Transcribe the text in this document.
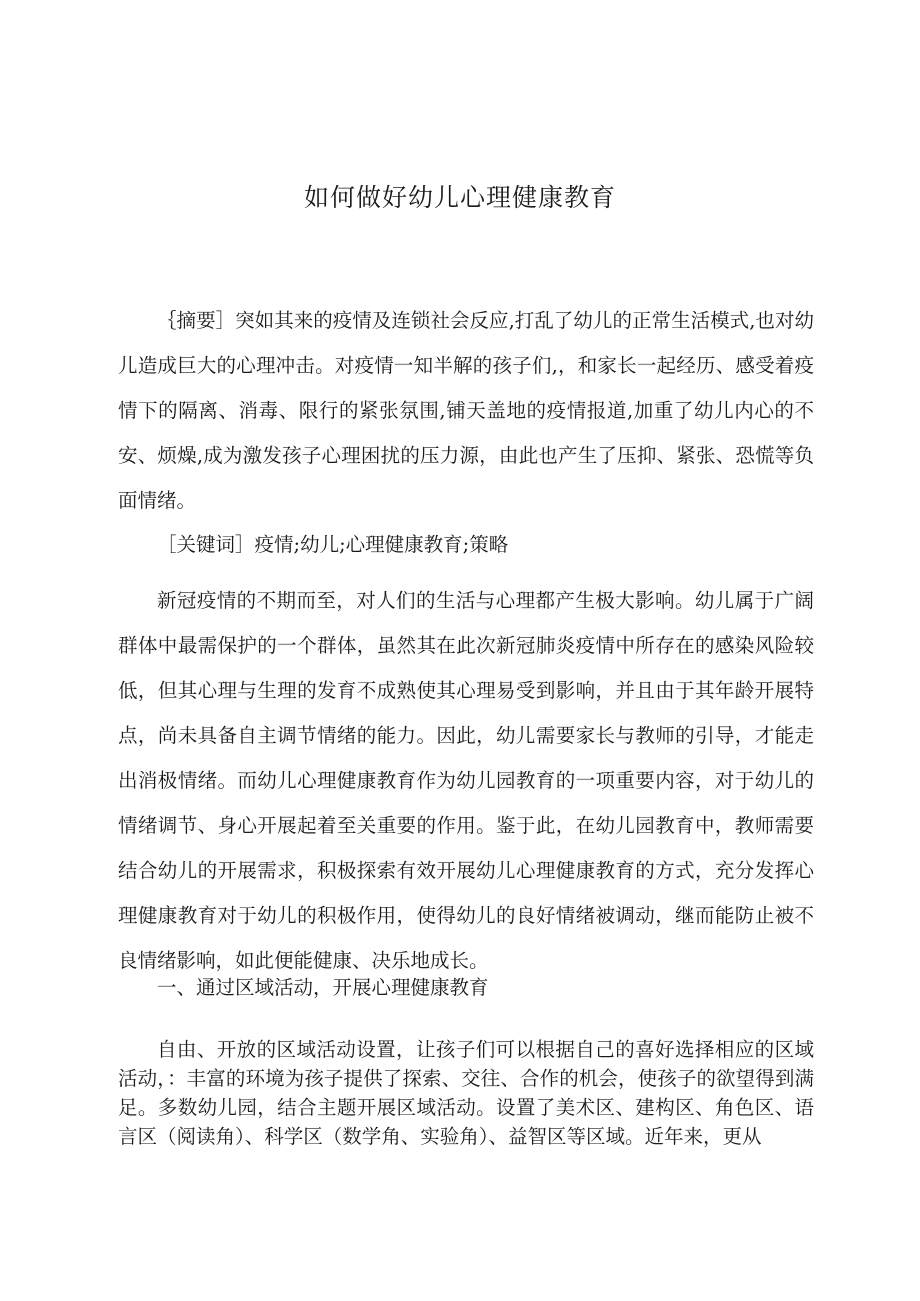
如何做好幼儿心理健康教育

｛摘要］突如其来的疫情及连锁社会反应,打乱了幼儿的正常生活模式,也对幼儿造成巨大的心理冲击。对疫情一知半解的孩子们,，和家长一起经历、感受着疫情下的隔离、消毒、限行的紧张氛围,铺天盖地的疫情报道,加重了幼儿内心的不安、烦燥,成为激发孩子心理困扰的压力源，由此也产生了压抑、紧张、恐慌等负面情绪。

［关键词］疫情;幼儿;心理健康教育;策略

新冠疫情的不期而至，对人们的生活与心理都产生极大影响。幼儿属于广阔群体中最需保护的一个群体，虽然其在此次新冠肺炎疫情中所存在的感染风险较低，但其心理与生理的发育不成熟使其心理易受到影响，并且由于其年龄开展特点，尚未具备自主调节情绪的能力。因此，幼儿需要家长与教师的引导，才能走出消极情绪。而幼儿心理健康教育作为幼儿园教育的一项重要内容，对于幼儿的情绪调节、身心开展起着至关重要的作用。鉴于此，在幼儿园教育中，教师需要结合幼儿的开展需求，积极探索有效开展幼儿心理健康教育的方式，充分发挥心理健康教育对于幼儿的积极作用，使得幼儿的良好情绪被调动，继而能防止被不良情绪影响，如此便能健康、决乐地成长。

一、通过区域活动，开展心理健康教育

自由、开放的区域活动设置，让孩子们可以根据自己的喜好选择相应的区域活动，：丰富的环境为孩子提供了探索、交往、合作的机会，使孩子的欲望得到满足。多数幼儿园，结合主题开展区域活动。设置了美术区、建构区、角色区、语言区（阅读角）、科学区（数学角、实验角）、益智区等区域。近年来，更从
